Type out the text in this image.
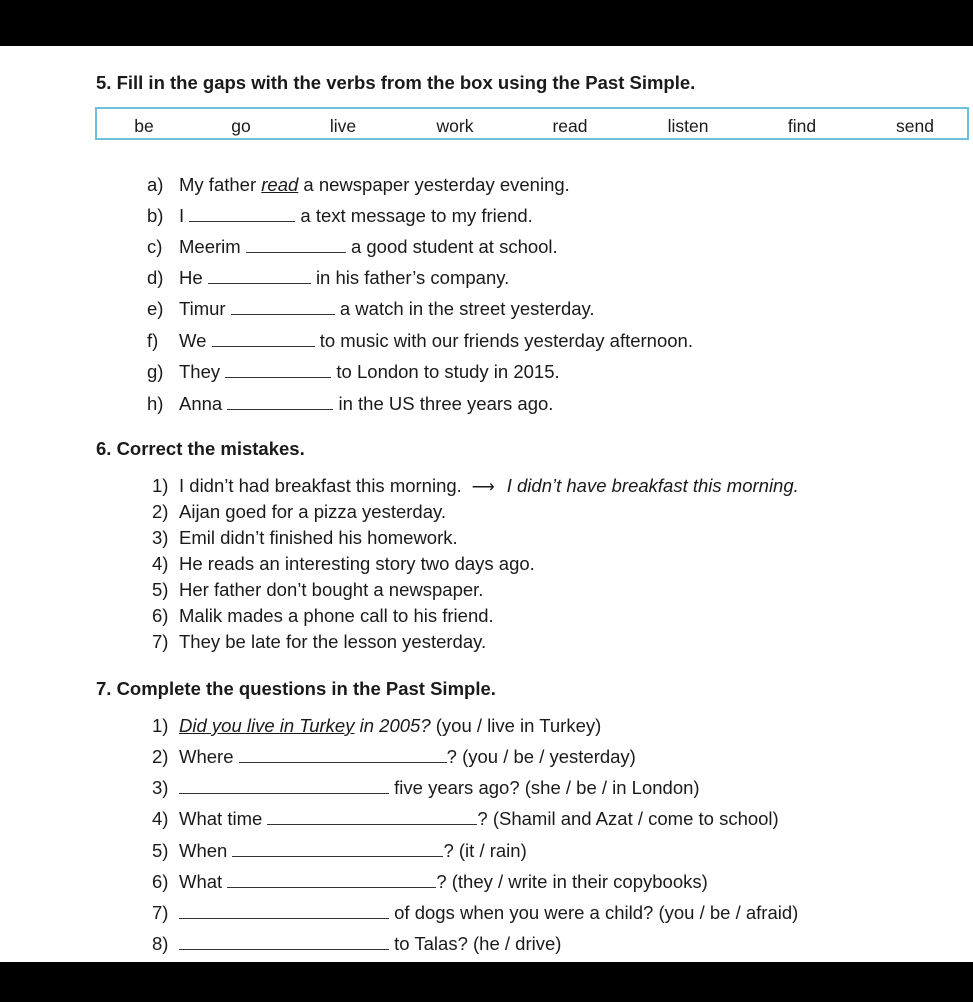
5. Fill in the gaps with the verbs from the box using the Past Simple.
be	go	live	work	read	listen	find	send
a) My father read a newspaper yesterday evening.
b) I	a text message to my friend.
c) Meerim	a good student at school.
d) He	in his father’s company.
e) Timur	a watch in the street yesterday.
f) We	to music with our friends yesterday afternoon.
g) They	to London to study in 2015.
h) Anna	in the US three years ago.
6. Correct the mistakes.
1) I didn’t had breakfast this morning. ⟶ I didn’t have breakfast this morning.
2) Aijan goed for a pizza yesterday.
3) Emil didn’t finished his homework.
4) He reads an interesting story two days ago.
5) Her father don’t bought a newspaper.
6) Malik mades a phone call to his friend.
7) They be late for the lesson yesterday.
7. Complete the questions in the Past Simple.
1) Did you live in Turkey in 2005? (you / live in Turkey)
2) Where	? (you / be / yesterday)
3)	five years ago? (she / be / in London)
4) What time	? (Shamil and Azat / come to school)
5) When	? (it / rain)
6) What	? (they / write in their copybooks)
7)	of dogs when you were a child? (you / be / afraid)
8)	to Talas? (he / drive)
